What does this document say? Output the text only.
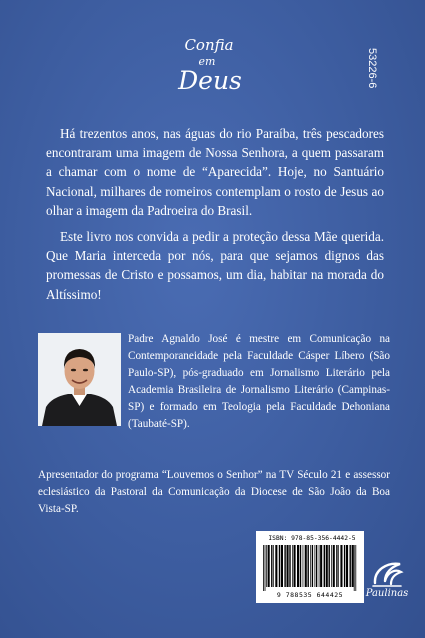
Confia
em
Deus	53226-6

Há trezentos anos, nas águas do rio Paraíba, três pescadores encontraram uma imagem de Nossa Senhora, a quem passaram a chamar com o nome de “Aparecida”. Hoje, no Santuário Nacional, milhares de romeiros contemplam o rosto de Jesus ao olhar a imagem da Padroeira do Brasil.

Este livro nos convida a pedir a proteção dessa Mãe querida. Que Maria interceda por nós, para que sejamos dignos das promessas de Cristo e possamos, um dia, habitar na morada do Altíssimo!

Padre Agnaldo José é mestre em Comunicação na Contemporaneidade pela Faculdade Cásper Líbero (São Paulo-SP), pós-graduado em Jornalismo Literário pela Academia Brasileira de Jornalismo Literário (Campinas-SP) e formado em Teologia pela Faculdade Dehoniana (Taubaté-SP).

Apresentador do programa “Louvemos o Senhor” na TV Século 21 e assessor eclesiástico da Pastoral da Comunicação da Diocese de São João da Boa Vista-SP.

ISBN: 978-85-356-4442-5
9 788535 644425	Paulinas
